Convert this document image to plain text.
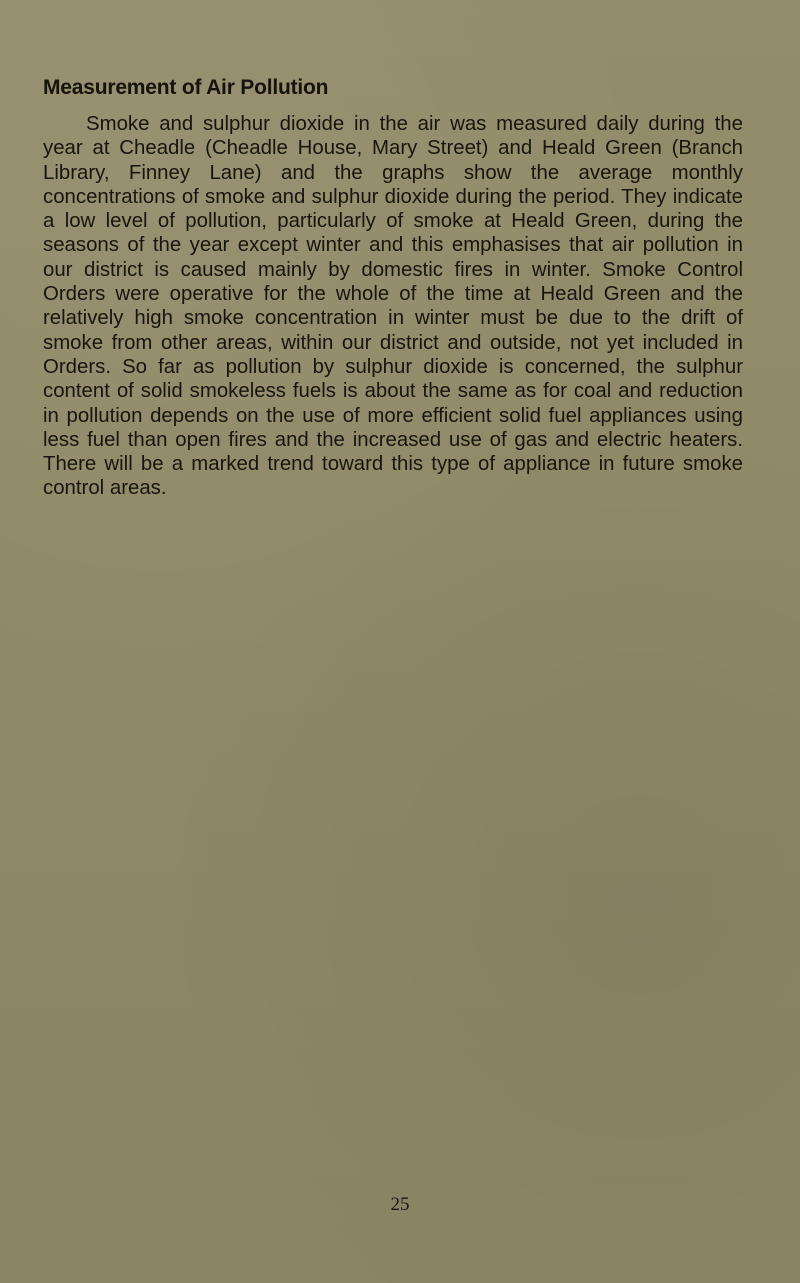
Measurement of Air Pollution

Smoke and sulphur dioxide in the air was measured daily during the year at Cheadle (Cheadle House, Mary Street) and Heald Green (Branch Library, Finney Lane) and the graphs show the average monthly concentrations of smoke and sulphur dioxide during the period. They indicate a low level of pollution, particularly of smoke at Heald Green, during the seasons of the year except winter and this emphasises that air pollution in our district is caused mainly by domestic fires in winter. Smoke Control Orders were operative for the whole of the time at Heald Green and the relatively high smoke concentration in winter must be due to the drift of smoke from other areas, within our district and outside, not yet included in Orders. So far as pollution by sulphur dioxide is concerned, the sulphur content of solid smokeless fuels is about the same as for coal and reduction in pollution depends on the use of more efficient solid fuel appliances using less fuel than open fires and the increased use of gas and electric heaters. There will be a marked trend toward this type of appliance in future smoke control areas.

25
